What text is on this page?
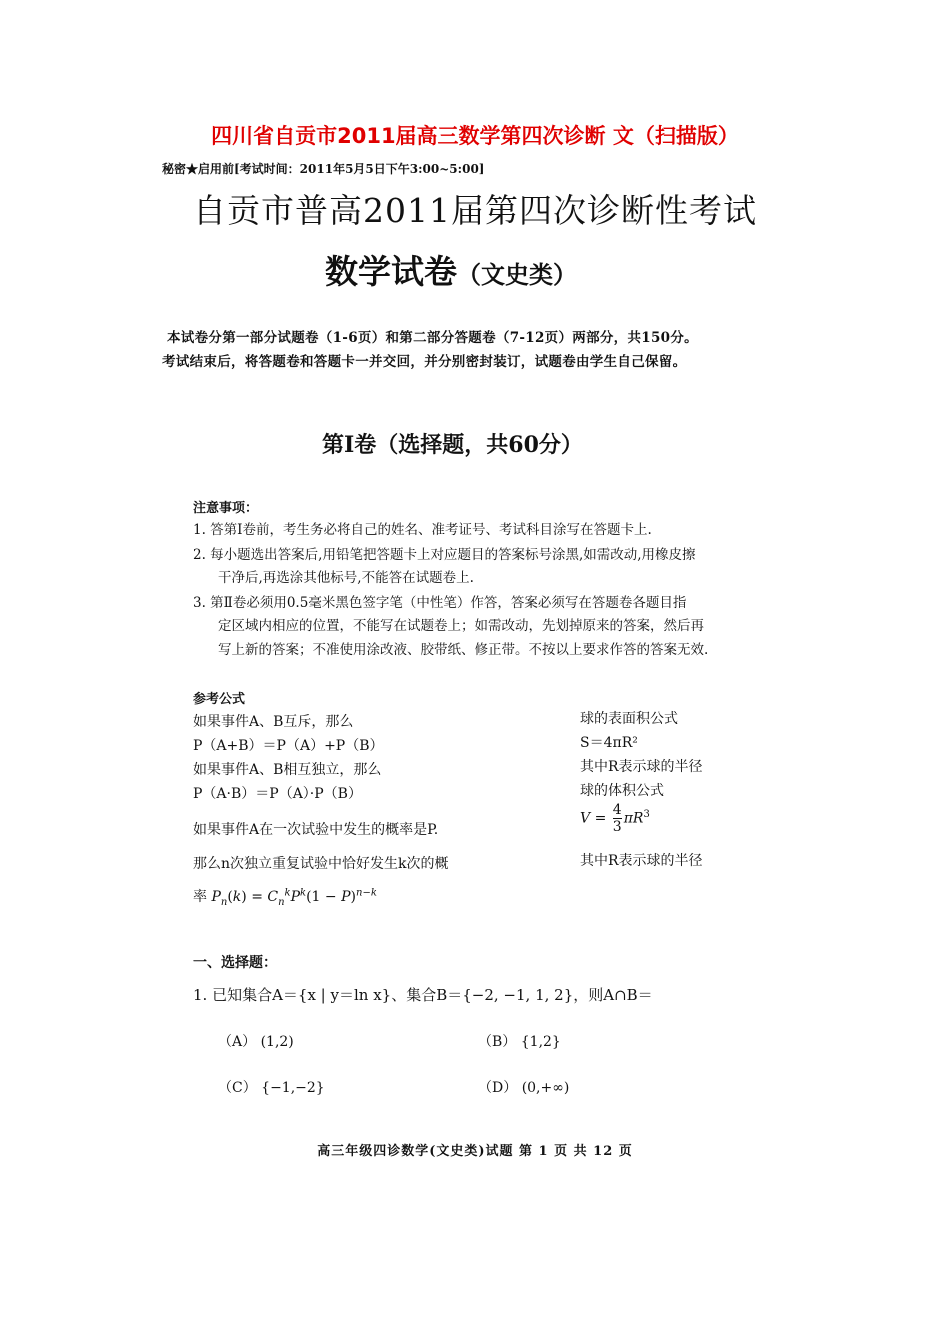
四川省自贡市2011届高三数学第四次诊断 文（扫描版）
秘密★启用前[考试时间：2011年5月5日下午3:00~5:00]
自贡市普高2011届第四次诊断性考试
数学试卷（文史类）
本试卷分第一部分试题卷（1-6页）和第二部分答题卷（7-12页）两部分，共150分。
考试结束后，将答题卷和答题卡一并交回，并分别密封装订，试题卷由学生自己保留。
第Ⅰ卷（选择题，共60分）
注意事项：
1. 答第Ⅰ卷前，考生务必将自己的姓名、准考证号、考试科目涂写在答题卡上.
2. 每小题选出答案后,用铅笔把答题卡上对应题目的答案标号涂黑,如需改动,用橡皮擦
干净后,再选涂其他标号,不能答在试题卷上.
3. 第Ⅱ卷必须用0.5毫米黑色签字笔（中性笔）作答，答案必须写在答题卷各题目指
定区域内相应的位置，不能写在试题卷上；如需改动，先划掉原来的答案，然后再
写上新的答案；不准使用涂改液、胶带纸、修正带。不按以上要求作答的答案无效.
参考公式
如果事件A、B互斥，那么
P（A+B）＝P（A）+P（B）
如果事件A、B相互独立，那么
P（A·B）＝P（A）·P（B）
如果事件A在一次试验中发生的概率是P.
那么n次独立重复试验中恰好发生k次的概
率 $P_n(k) = C_n^kP^k(1 - P)^{n-k}$
球的表面积公式
S＝4πR²
其中R表示球的半径
球的体积公式
$V = \frac{4}{3} \pi R^3$
其中R表示球的半径
一、选择题：
1. 已知集合A＝{x | y＝ln x}、集合B＝{−2, −1, 1, 2}，则A∩B＝
（A） (1,2)	（B） {1,2}
（C） {−1,−2}	（D） (0,+∞)
高三年级四诊数学(文史类)试题 第 1 页 共 12 页
